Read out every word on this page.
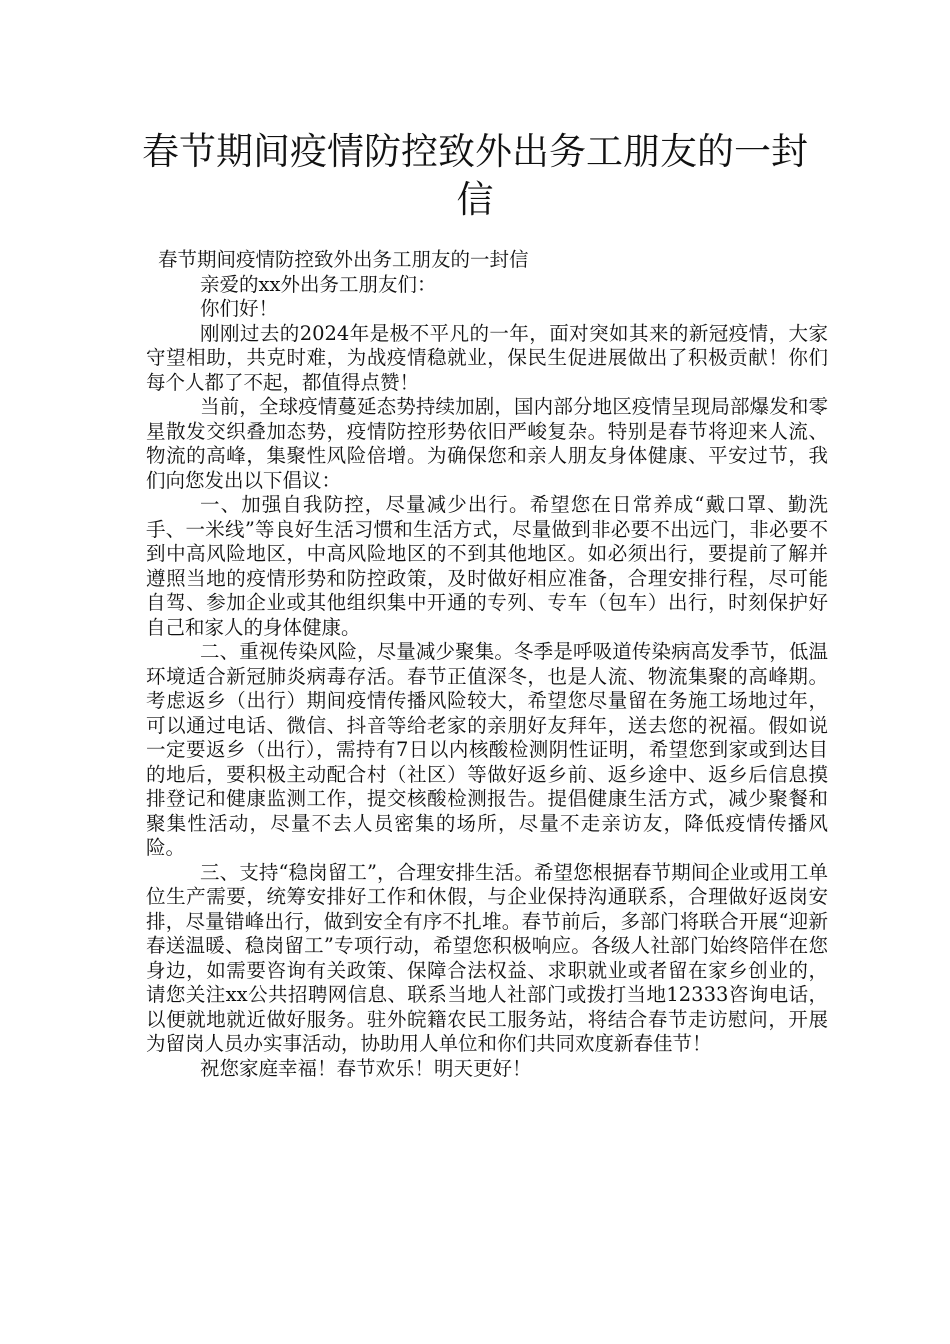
春节期间疫情防控致外出务工朋友的一封信

春节期间疫情防控致外出务工朋友的一封信

亲爱的xx外出务工朋友们：

你们好！

刚刚过去的2024年是极不平凡的一年，面对突如其来的新冠疫情，大家守望相助，共克时难，为战疫情稳就业，保民生促进展做出了积极贡献！你们每个人都了不起，都值得点赞！

当前，全球疫情蔓延态势持续加剧，国内部分地区疫情呈现局部爆发和零星散发交织叠加态势，疫情防控形势依旧严峻复杂。特别是春节将迎来人流、物流的高峰，集聚性风险倍增。为确保您和亲人朋友身体健康、平安过节，我们向您发出以下倡议：

一、加强自我防控，尽量减少出行。希望您在日常养成“戴口罩、勤洗手、一米线”等良好生活习惯和生活方式，尽量做到非必要不出远门，非必要不到中高风险地区，中高风险地区的不到其他地区。如必须出行，要提前了解并遵照当地的疫情形势和防控政策，及时做好相应准备，合理安排行程，尽可能自驾、参加企业或其他组织集中开通的专列、专车（包车）出行，时刻保护好自己和家人的身体健康。

二、重视传染风险，尽量减少聚集。冬季是呼吸道传染病高发季节，低温环境适合新冠肺炎病毒存活。春节正值深冬，也是人流、物流集聚的高峰期。考虑返乡（出行）期间疫情传播风险较大，希望您尽量留在务施工场地过年，可以通过电话、微信、抖音等给老家的亲朋好友拜年，送去您的祝福。假如说一定要返乡（出行），需持有7日以内核酸检测阴性证明，希望您到家或到达目的地后，要积极主动配合村（社区）等做好返乡前、返乡途中、返乡后信息摸排登记和健康监测工作，提交核酸检测报告。提倡健康生活方式，减少聚餐和聚集性活动，尽量不去人员密集的场所，尽量不走亲访友，降低疫情传播风险。

三、支持“稳岗留工”，合理安排生活。希望您根据春节期间企业或用工单位生产需要，统筹安排好工作和休假，与企业保持沟通联系，合理做好返岗安排，尽量错峰出行，做到安全有序不扎堆。春节前后，多部门将联合开展“迎新春送温暖、稳岗留工”专项行动，希望您积极响应。各级人社部门始终陪伴在您身边，如需要咨询有关政策、保障合法权益、求职就业或者留在家乡创业的，请您关注xx公共招聘网信息、联系当地人社部门或拨打当地12333咨询电话，以便就地就近做好服务。驻外皖籍农民工服务站，将结合春节走访慰问，开展为留岗人员办实事活动，协助用人单位和你们共同欢度新春佳节！

祝您家庭幸福！春节欢乐！明天更好！
